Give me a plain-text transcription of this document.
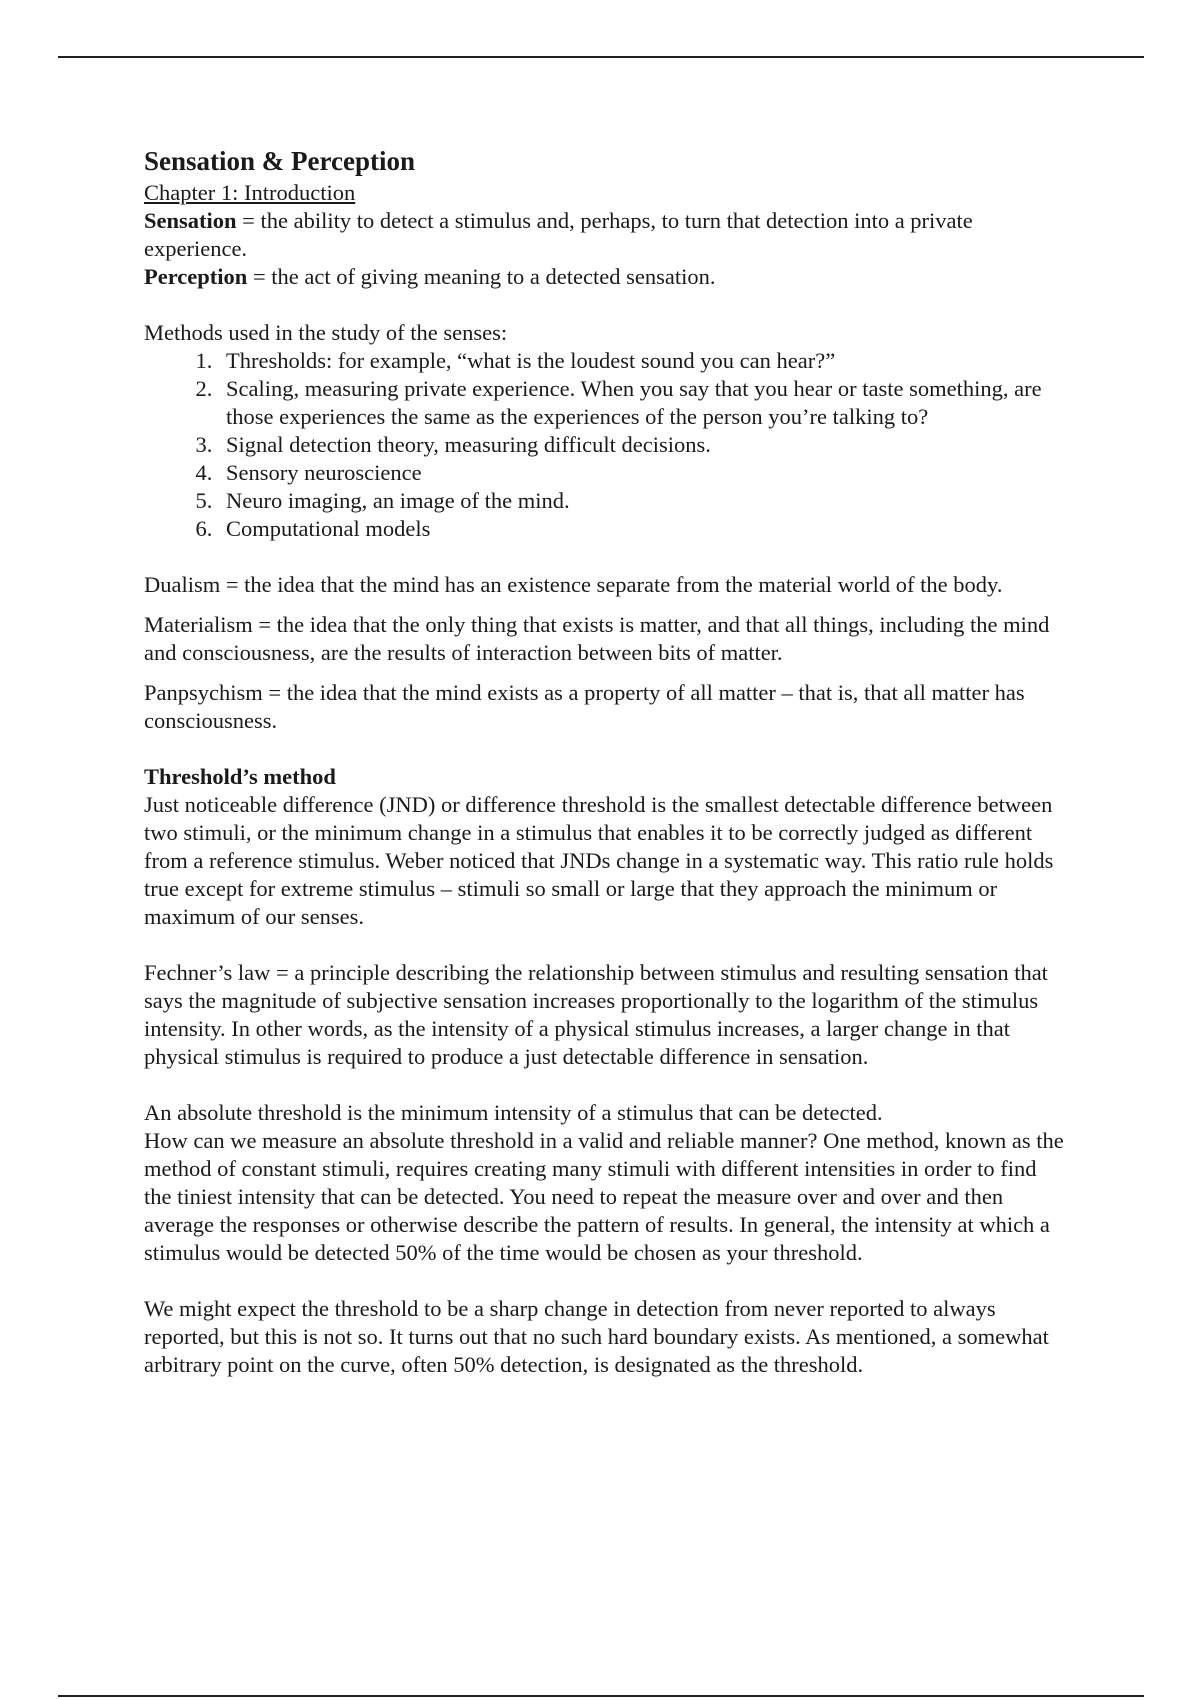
Sensation & Perception

Chapter 1: Introduction

Sensation = the ability to detect a stimulus and, perhaps, to turn that detection into a private experience.

Perception = the act of giving meaning to a detected sensation.

Methods used in the study of the senses:

1. Thresholds: for example, “what is the loudest sound you can hear?”
2. Scaling, measuring private experience. When you say that you hear or taste something, are those experiences the same as the experiences of the person you’re talking to?
3. Signal detection theory, measuring difficult decisions.
4. Sensory neuroscience
5. Neuro imaging, an image of the mind.
6. Computational models

Dualism = the idea that the mind has an existence separate from the material world of the body.

Materialism = the idea that the only thing that exists is matter, and that all things, including the mind and consciousness, are the results of interaction between bits of matter.

Panpsychism = the idea that the mind exists as a property of all matter – that is, that all matter has consciousness.

Threshold’s method

Just noticeable difference (JND) or difference threshold is the smallest detectable difference between two stimuli, or the minimum change in a stimulus that enables it to be correctly judged as different from a reference stimulus. Weber noticed that JNDs change in a systematic way. This ratio rule holds true except for extreme stimulus – stimuli so small or large that they approach the minimum or maximum of our senses.

Fechner’s law = a principle describing the relationship between stimulus and resulting sensation that says the magnitude of subjective sensation increases proportionally to the logarithm of the stimulus intensity. In other words, as the intensity of a physical stimulus increases, a larger change in that physical stimulus is required to produce a just detectable difference in sensation.

An absolute threshold is the minimum intensity of a stimulus that can be detected.

How can we measure an absolute threshold in a valid and reliable manner? One method, known as the method of constant stimuli, requires creating many stimuli with different intensities in order to find the tiniest intensity that can be detected. You need to repeat the measure over and over and then average the responses or otherwise describe the pattern of results. In general, the intensity at which a stimulus would be detected 50% of the time would be chosen as your threshold.

We might expect the threshold to be a sharp change in detection from never reported to always reported, but this is not so. It turns out that no such hard boundary exists. As mentioned, a somewhat arbitrary point on the curve, often 50% detection, is designated as the threshold.
